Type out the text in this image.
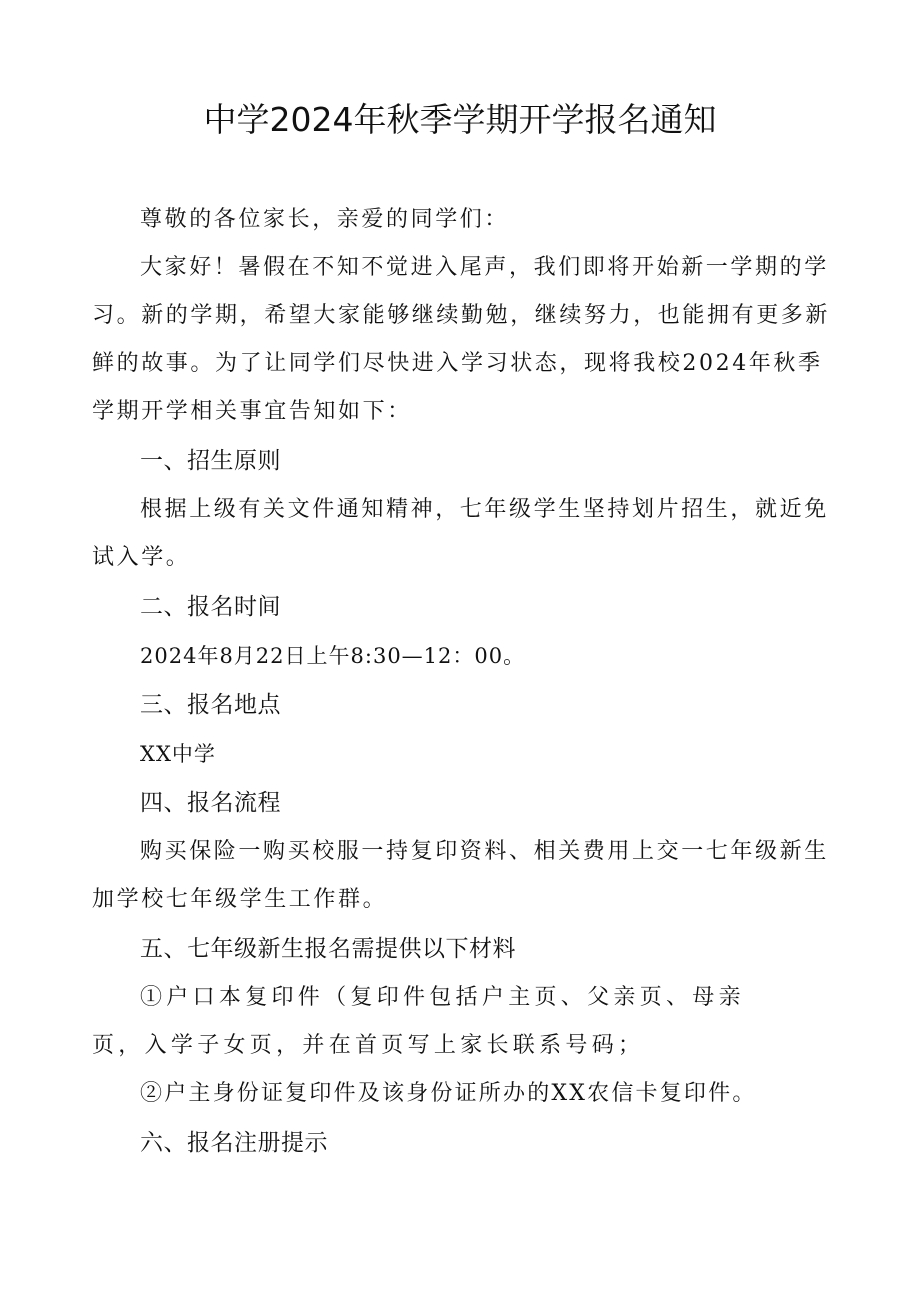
中学2024年秋季学期开学报名通知

尊敬的各位家长，亲爱的同学们：

大家好！暑假在不知不觉进入尾声，我们即将开始新一学期的学习。新的学期，希望大家能够继续勤勉，继续努力，也能拥有更多新鲜的故事。为了让同学们尽快进入学习状态，现将我校2024年秋季学期开学相关事宜告知如下：

一、招生原则

根据上级有关文件通知精神，七年级学生坚持划片招生，就近免试入学。

二、报名时间

2024年8月22日上午8:30—12：00。

三、报名地点

XX中学

四、报名流程

购买保险一购买校服一持复印资料、相关费用上交一七年级新生加学校七年级学生工作群。

五、七年级新生报名需提供以下材料

①户口本复印件（复印件包括户主页、父亲页、母亲页，入学子女页，并在首页写上家长联系号码；

②户主身份证复印件及该身份证所办的XX农信卡复印件。

六、报名注册提示
